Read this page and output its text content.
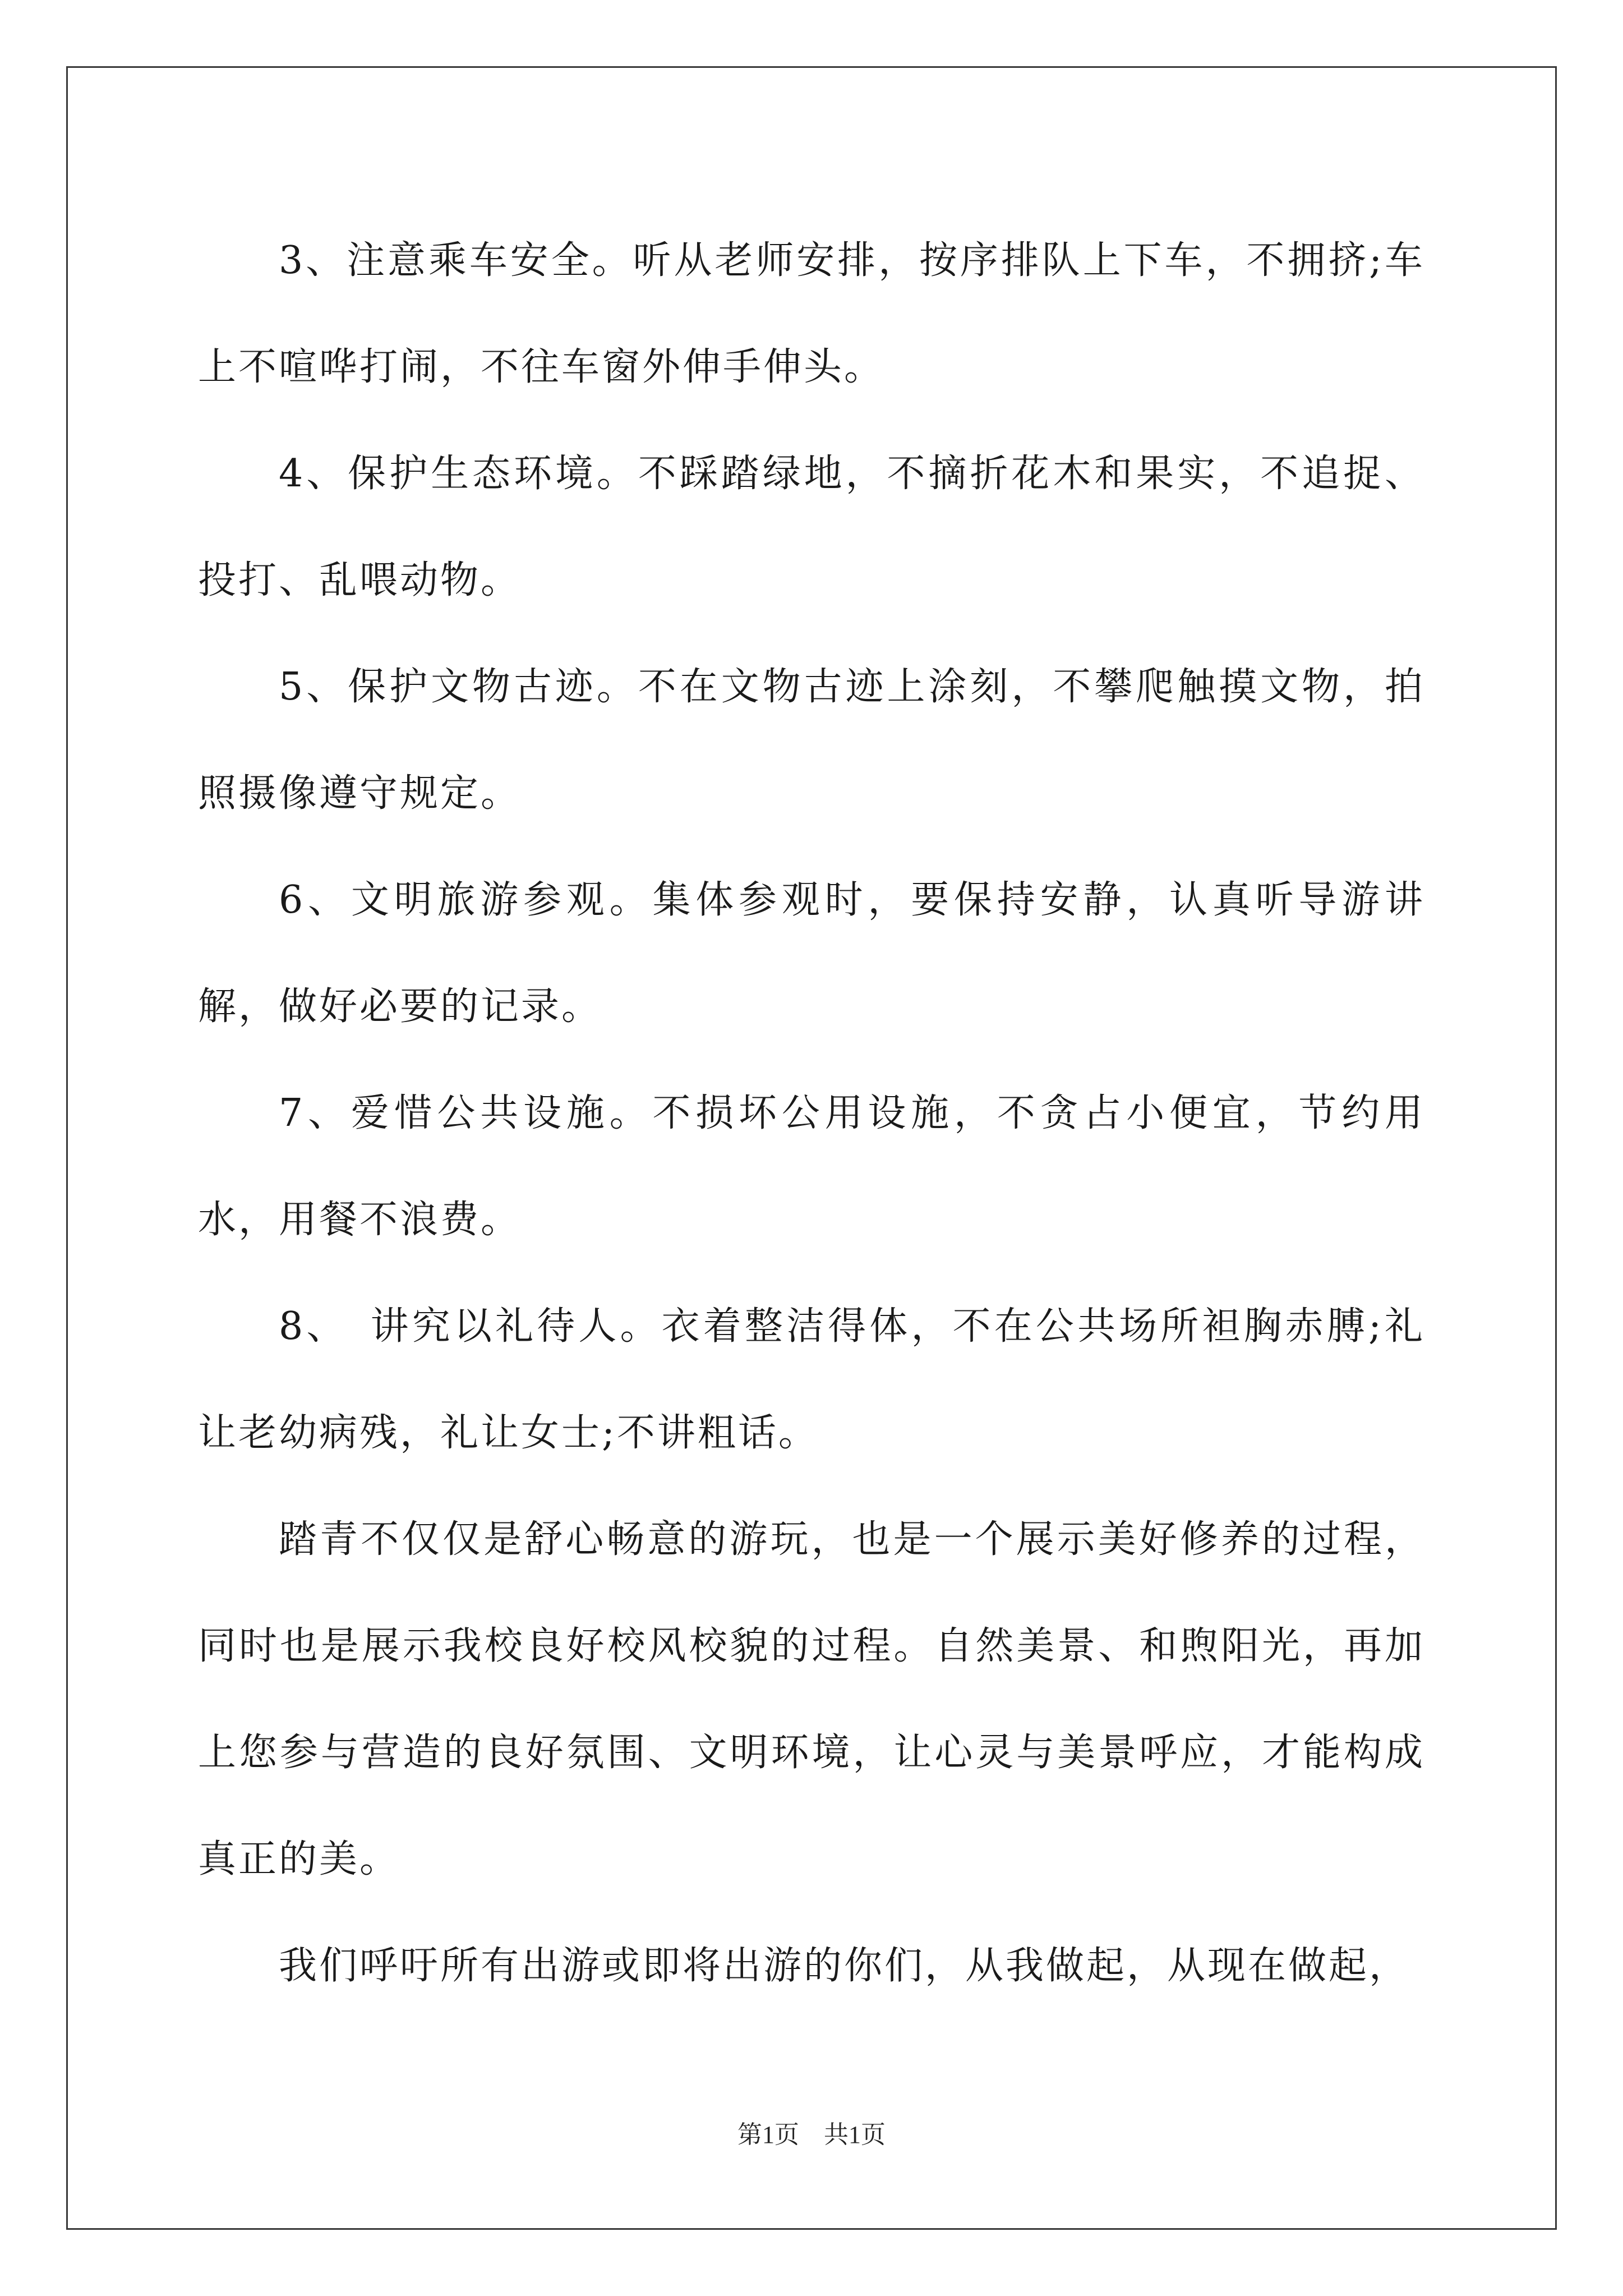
3、注意乘车安全。听从老师安排，按序排队上下车，不拥挤;车上不喧哗打闹，不往车窗外伸手伸头。

4、保护生态环境。不踩踏绿地，不摘折花木和果实，不追捉、投打、乱喂动物。

5、保护文物古迹。不在文物古迹上涂刻，不攀爬触摸文物，拍照摄像遵守规定。

6、文明旅游参观。集体参观时，要保持安静，认真听导游讲解，做好必要的记录。

7、爱惜公共设施。不损坏公用设施，不贪占小便宜，节约用水，用餐不浪费。

8、　讲究以礼待人。衣着整洁得体，不在公共场所袒胸赤膊;礼让老幼病残，礼让女士;不讲粗话。

踏青不仅仅是舒心畅意的游玩，也是一个展示美好修养的过程，同时也是展示我校良好校风校貌的过程。自然美景、和煦阳光，再加上您参与营造的良好氛围、文明环境，让心灵与美景呼应，才能构成真正的美。

我们呼吁所有出游或即将出游的你们，从我做起，从现在做起，

第1页　共1页
